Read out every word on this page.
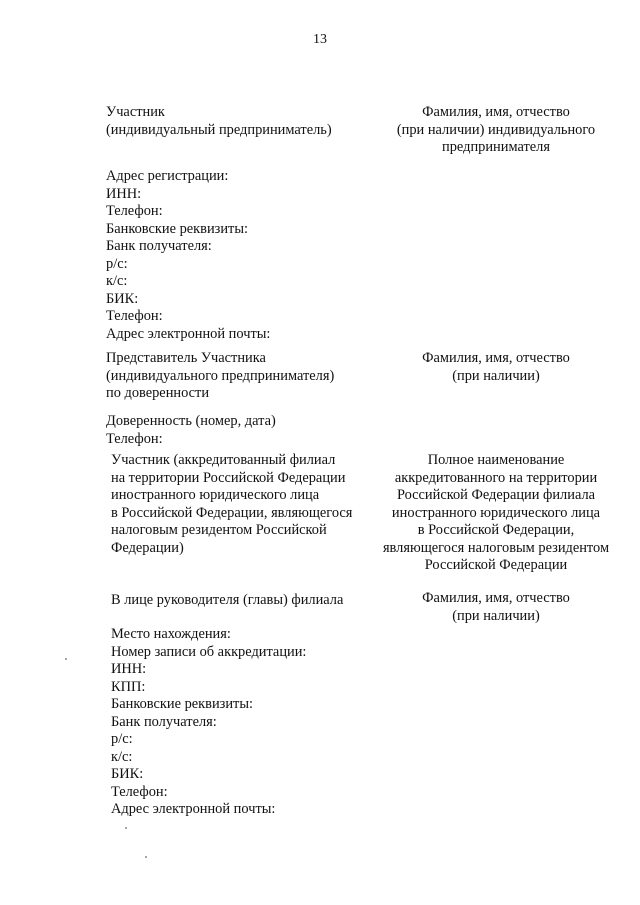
13
Участник
(индивидуальный предприниматель)
Фамилия, имя, отчество
(при наличии) индивидуального
предпринимателя
Адрес регистрации:
ИНН:
Телефон:
Банковские реквизиты:
Банк получателя:
р/с:
к/с:
БИК:
Телефон:
Адрес электронной почты:
Представитель Участника
(индивидуального предпринимателя)
по доверенности
Фамилия, имя, отчество
(при наличии)
Доверенность (номер, дата)
Телефон:
Участник (аккредитованный филиал
на территории Российской Федерации
иностранного юридического лица
в Российской Федерации, являющегося
налоговым резидентом Российской
Федерации)
Полное наименование
аккредитованного на территории
Российской Федерации филиала
иностранного юридического лица
в Российской Федерации,
являющегося налоговым резидентом
Российской Федерации
В лице руководителя (главы) филиала	Фамилия, имя, отчество
(при наличии)
Место нахождения:
Номер записи об аккредитации:
ИНН:
КПП:
Банковские реквизиты:
Банк получателя:
р/с:
к/с:
БИК:
Телефон:
Адрес электронной почты:
